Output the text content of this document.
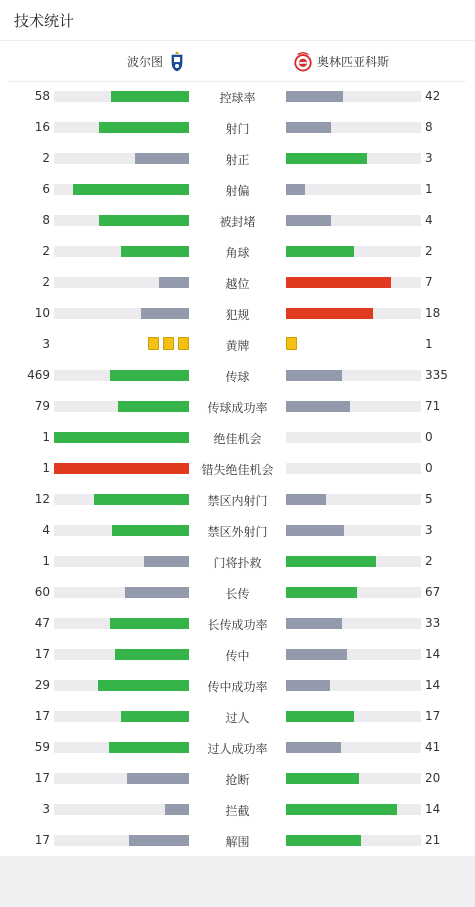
技术统计
波尔图	奥林匹亚科斯
58	控球率	42
16	射门	8
2	射正	3
6	射偏	1
8	被封堵	4
2	角球	2
2	越位	7
10	犯规	18
3	黄牌	1
469	传球	335
79	传球成功率	71
1	绝佳机会	0
1	错失绝佳机会	0
12	禁区内射门	5
4	禁区外射门	3
1	门将扑救	2
60	长传	67
47	长传成功率	33
17	传中	14
29	传中成功率	14
17	过人	17
59	过人成功率	41
17	抢断	20
3	拦截	14
17	解围	21
